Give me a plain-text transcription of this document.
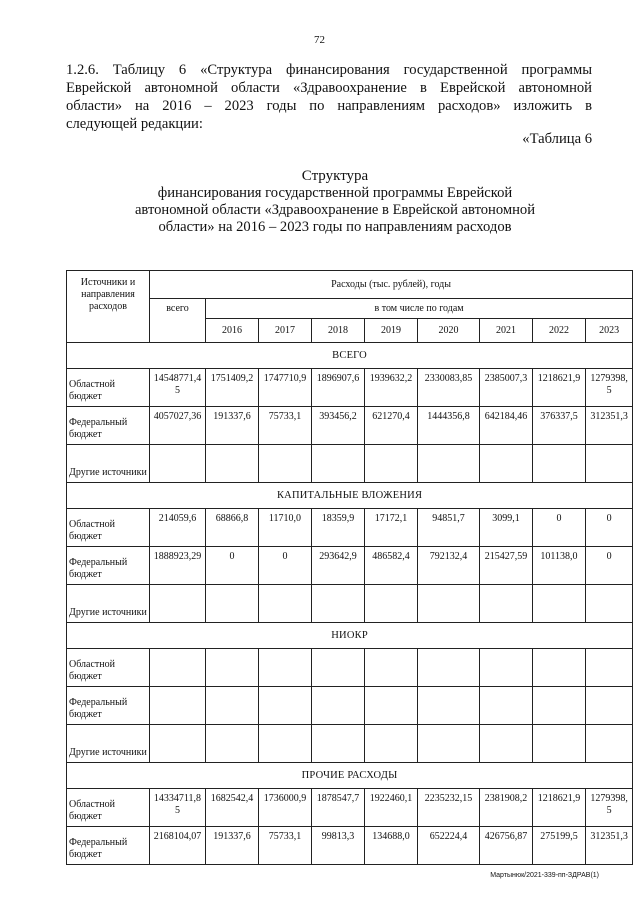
72
1.2.6. Таблицу 6 «Структура финансирования государственной программы
Еврейской автономной области «Здравоохранение в Еврейской автономной
области» на 2016 – 2023 годы по направлениям расходов» изложить в
следующей редакции:
«Таблица 6
Структура
финансирования государственной программы Еврейской
автономной области «Здравоохранение в Еврейской автономной
области» на 2016 – 2023 годы по направлениям расходов
Источники и направления расходов	Расходы (тыс. рублей), годы								
	всего	в том числе по годам							
		2016	2017	2018	2019	2020	2021	2022	2023
ВСЕГО									
Областной бюджет	14548771,45	1751409,2	1747710,9	1896907,6	1939632,2	2330083,85	2385007,3	1218621,9	1279398,5
Федеральный бюджет	4057027,36	191337,6	75733,1	393456,2	621270,4	1444356,8	642184,46	376337,5	312351,3
Другие источники									
КАПИТАЛЬНЫЕ ВЛОЖЕНИЯ									
Областной бюджет	214059,6	68866,8	11710,0	18359,9	17172,1	94851,7	3099,1	0	0
Федеральный бюджет	1888923,29	0	0	293642,9	486582,4	792132,4	215427,59	101138,0	0
Другие источники									
НИОКР									
Областной бюджет									
Федеральный бюджет									
Другие источники									
ПРОЧИЕ РАСХОДЫ									
Областной бюджет	14334711,85	1682542,4	1736000,9	1878547,7	1922460,1	2235232,15	2381908,2	1218621,9	1279398,5
Федеральный бюджет	2168104,07	191337,6	75733,1	99813,3	134688,0	652224,4	426756,87	275199,5	312351,3
Мартынюк/2021-339-пп-ЗДРАВ(1)
